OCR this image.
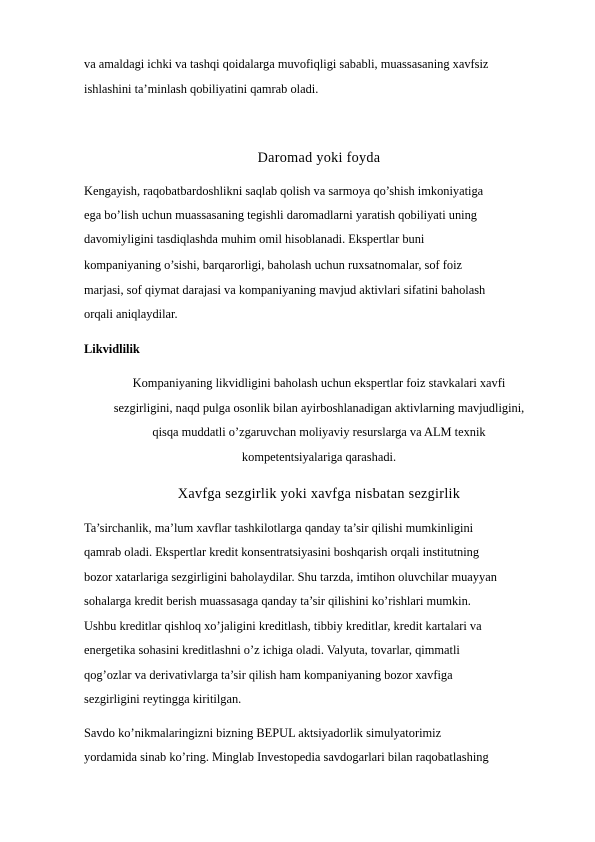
va amaldagi ichki va tashqi qoidalarga muvofiqligi sababli, muassasaning xavfsiz
ishlashini ta’minlash qobiliyatini qamrab oladi.
Daromad yoki foyda
Kengayish, raqobatbardoshlikni saqlab qolish va sarmoya qo’shish imkoniyatiga
ega bo’lish uchun muassasaning tegishli daromadlarni yaratish qobiliyati uning
davomiyligini tasdiqlashda muhim omil hisoblanadi. Ekspertlar buni
kompaniyaning o’sishi, barqarorligi, baholash uchun ruxsatnomalar, sof foiz
marjasi, sof qiymat darajasi va kompaniyaning mavjud aktivlari sifatini baholash
orqali aniqlaydilar.
Likvidlilik
Kompaniyaning likvidligini baholash uchun ekspertlar foiz stavkalari xavfi
sezgirligini, naqd pulga osonlik bilan ayirboshlanadigan aktivlarning mavjudligini,
qisqa muddatli o’zgaruvchan moliyaviy resurslarga va ALM texnik
kompetentsiyalariga qarashadi.
Xavfga sezgirlik yoki xavfga nisbatan sezgirlik
Ta’sirchanlik, ma’lum xavflar tashkilotlarga qanday ta’sir qilishi mumkinligini
qamrab oladi. Ekspertlar kredit konsentratsiyasini boshqarish orqali institutning
bozor xatarlariga sezgirligini baholaydilar. Shu tarzda, imtihon oluvchilar muayyan
sohalarga kredit berish muassasaga qanday ta’sir qilishini ko’rishlari mumkin.
Ushbu kreditlar qishloq xo’jaligini kreditlash, tibbiy kreditlar, kredit kartalari va
energetika sohasini kreditlashni o’z ichiga oladi. Valyuta, tovarlar, qimmatli
qog’ozlar va derivativlarga ta’sir qilish ham kompaniyaning bozor xavfiga
sezgirligini reytingga kiritilgan.
Savdo ko’nikmalaringizni bizning BEPUL aktsiyadorlik simulyatorimiz
yordamida sinab ko’ring. Minglab Investopedia savdogarlari bilan raqobatlashing
